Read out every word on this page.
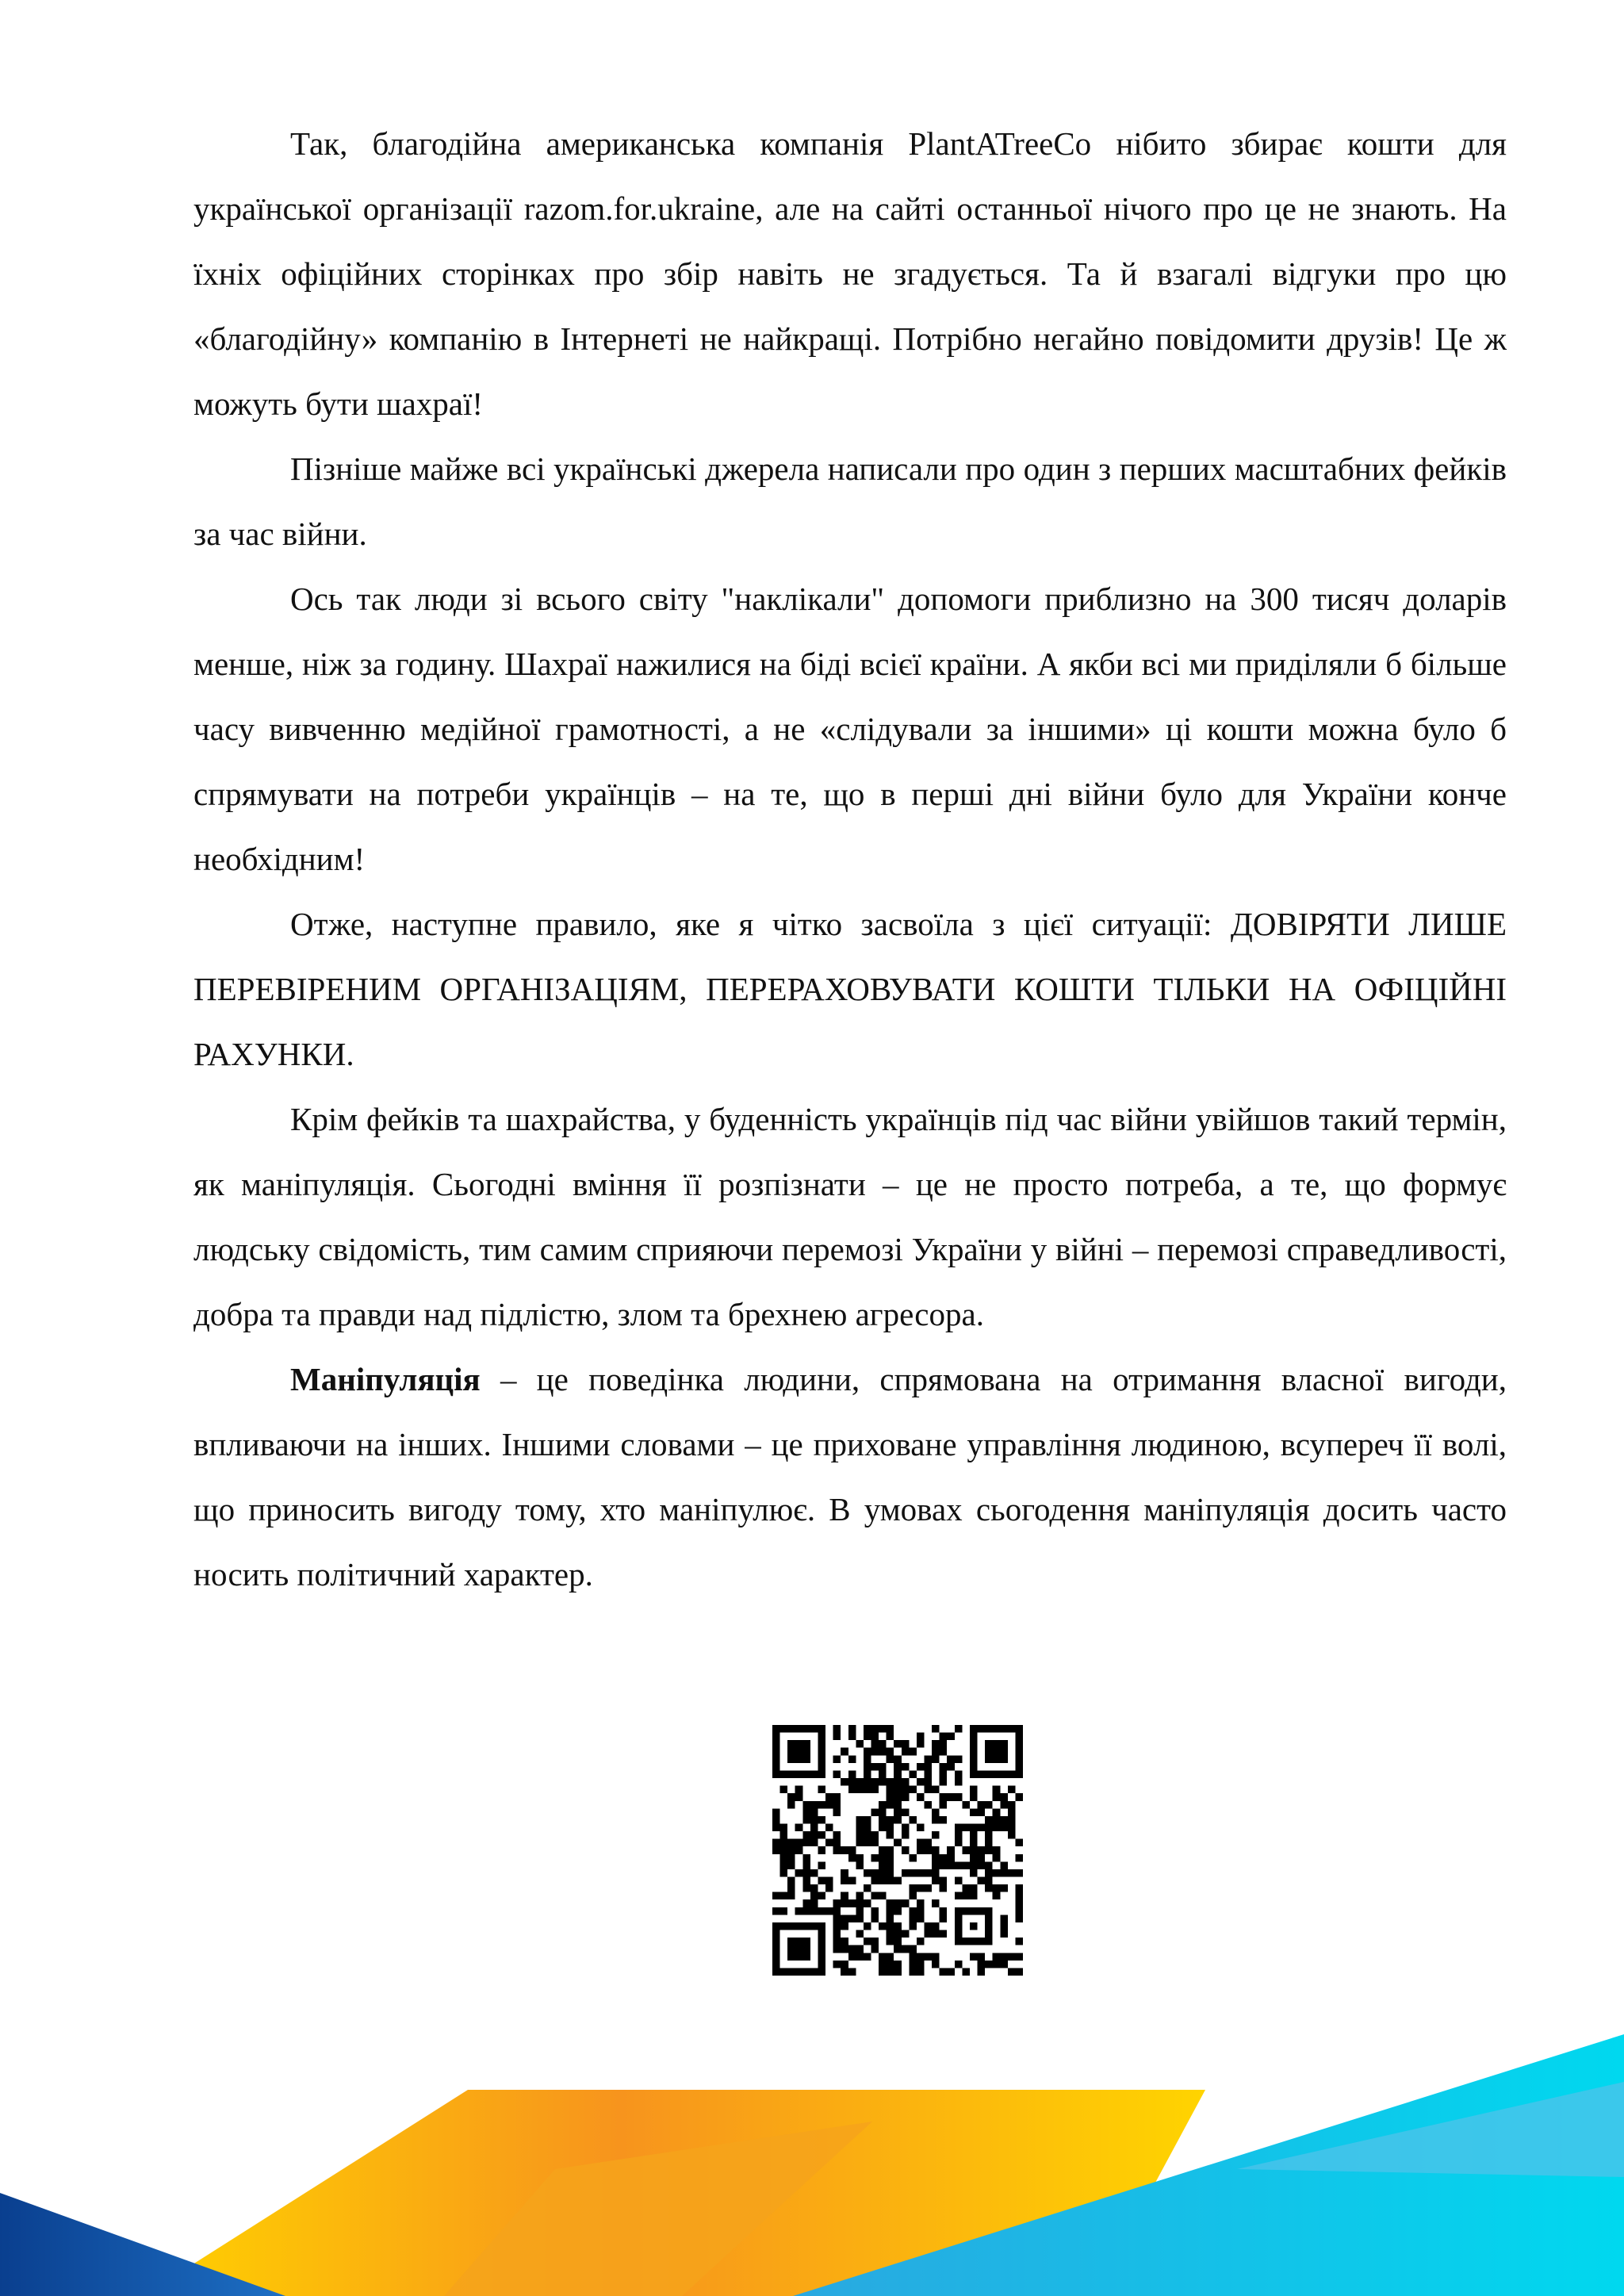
Так, благодійна американська компанія PlantATreeCo нібито збирає кошти для української організації razom.for.ukraine, але на сайті останньої нічого про це не знають. На їхніх офіційних сторінках про збір навіть не згадується. Та й взагалі відгуки про цю «благодійну» компанію в Інтернеті не найкращі. Потрібно негайно повідомити друзів! Це ж можуть бути шахраї!

Пізніше майже всі українські джерела написали про один з перших масштабних фейків за час війни.

Ось так люди зі всього світу "наклікали" допомоги приблизно на 300 тисяч доларів менше, ніж за годину. Шахраї нажилися на біді всієї країни. А якби всі ми приділяли б більше часу вивченню медійної грамотності, а не «слідували за іншими» ці кошти можна було б спрямувати на потреби українців – на те, що в перші дні війни було для України конче необхідним!

Отже, наступне правило, яке я чітко засвоїла з цієї ситуації: ДОВІРЯТИ ЛИШЕ ПЕРЕВІРЕНИМ ОРГАНІЗАЦІЯМ, ПЕРЕРАХОВУВАТИ КОШТИ ТІЛЬКИ НА ОФІЦІЙНІ РАХУНКИ.

Крім фейків та шахрайства, у буденність українців під час війни увійшов такий термін, як маніпуляція. Сьогодні вміння її розпізнати – це не просто потреба, а те, що формує людську свідомість, тим самим сприяючи перемозі України у війні – перемозі справедливості, добра та правди над підлістю, злом та брехнею агресора.

Маніпуляція – це поведінка людини, спрямована на отримання власної вигоди, впливаючи на інших. Іншими словами – це приховане управління людиною, всупереч її волі, що приносить вигоду тому, хто маніпулює. В умовах сьогодення маніпуляція досить часто носить політичний характер.
